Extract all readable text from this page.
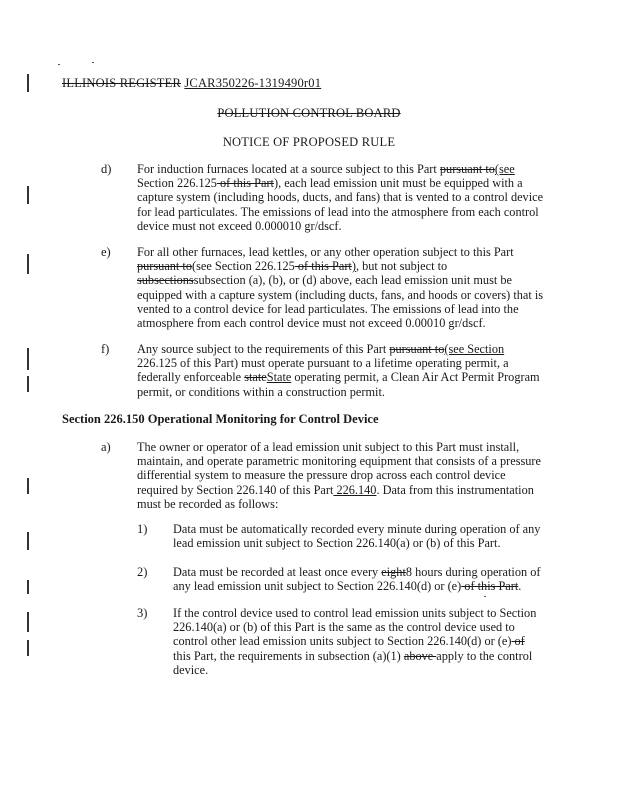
ILLINOIS REGISTER JCAR350226-1319490r01
POLLUTION CONTROL BOARD
NOTICE OF PROPOSED RULE
d) For induction furnaces located at a source subject to this Part pursuant to(see
Section 226.125 of this Part), each lead emission unit must be equipped with a
capture system (including hoods, ducts, and fans) that is vented to a control device
for lead particulates. The emissions of lead into the atmosphere from each control
device must not exceed 0.000010 gr/dscf.
e) For all other furnaces, lead kettles, or any other operation subject to this Part
pursuant to(see Section 226.125 of this Part), but not subject to
subsectionssubsection (a), (b), or (d) above, each lead emission unit must be
equipped with a capture system (including ducts, fans, and hoods or covers) that is
vented to a control device for lead particulates. The emissions of lead into the
atmosphere from each control device must not exceed 0.00010 gr/dscf.
f) Any source subject to the requirements of this Part pursuant to(see Section
226.125 of this Part) must operate pursuant to a lifetime operating permit, a
federally enforceable stateState operating permit, a Clean Air Act Permit Program
permit, or conditions within a construction permit.
Section 226.150 Operational Monitoring for Control Device
a) The owner or operator of a lead emission unit subject to this Part must install,
maintain, and operate parametric monitoring equipment that consists of a pressure
differential system to measure the pressure drop across each control device
required by Section 226.140 of this Part 226.140. Data from this instrumentation
must be recorded as follows:
1) Data must be automatically recorded every minute during operation of any
lead emission unit subject to Section 226.140(a) or (b) of this Part.
2) Data must be recorded at least once every eight8 hours during operation of
any lead emission unit subject to Section 226.140(d) or (e) of this Part.
3) If the control device used to control lead emission units subject to Section
226.140(a) or (b) of this Part is the same as the control device used to
control other lead emission units subject to Section 226.140(d) or (e) of
this Part, the requirements in subsection (a)(1) above apply to the control
device.
